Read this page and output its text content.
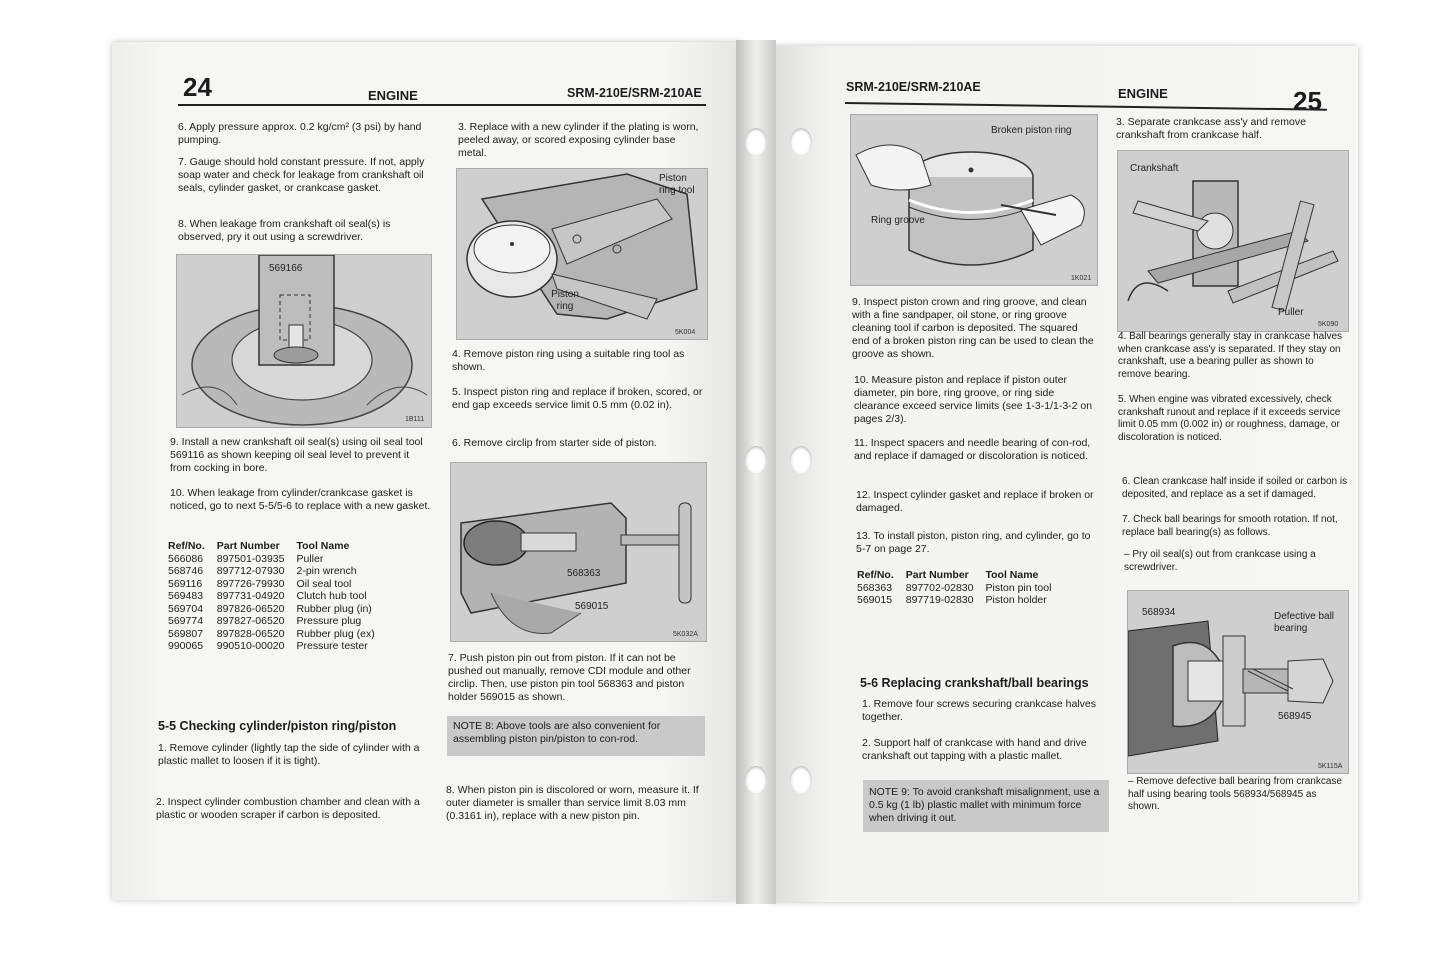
24	ENGINE	SRM-210E/SRM-210AE
6. Apply pressure approx. 0.2 kg/cm² (3 psi) by hand pumping.
7. Gauge should hold constant pressure. If not, apply soap water and check for leakage from crankshaft oil seals, cylinder gasket, or crankcase gasket.
8. When leakage from crankshaft oil seal(s) is observed, pry it out using a screwdriver.
569166
1B111
9. Install a new crankshaft oil seal(s) using oil seal tool 569116 as shown keeping oil seal level to prevent it from cocking in bore.
10. When leakage from cylinder/crankcase gasket is noticed, go to next 5-5/5-6 to replace with a new gasket.
Ref/No.	Part Number	Tool Name
566086	897501-03935	Puller
568746	897712-07930	2-pin wrench
569116	897726-79930	Oil seal tool
569483	897731-04920	Clutch hub tool
569704	897826-06520	Rubber plug (in)
569774	897827-06520	Pressure plug
569807	897828-06520	Rubber plug (ex)
990065	990510-00020	Pressure tester
5-5 Checking cylinder/piston ring/piston
1. Remove cylinder (lightly tap the side of cylinder with a plastic mallet to loosen if it is tight).
2. Inspect cylinder combustion chamber and clean with a plastic or wooden scraper if carbon is deposited.
3. Replace with a new cylinder if the plating is worn, peeled away, or scored exposing cylinder base metal.
Piston ring tool
Piston ring
5K004
4. Remove piston ring using a suitable ring tool as shown.
5. Inspect piston ring and replace if broken, scored, or end gap exceeds service limit 0.5 mm (0.02 in).
6. Remove circlip from starter side of piston.
568363
569015
5K032A
7. Push piston pin out from piston. If it can not be pushed out manually, remove CDI module and other circlip. Then, use piston pin tool 568363 and piston holder 569015 as shown.
NOTE 8: Above tools are also convenient for assembling piston pin/piston to con-rod.
8. When piston pin is discolored or worn, measure it. If outer diameter is smaller than service limit 8.03 mm (0.3161 in), replace with a new piston pin.
SRM-210E/SRM-210AE	ENGINE	25
Broken piston ring
Ring groove
1K021
9. Inspect piston crown and ring groove, and clean with a fine sandpaper, oil stone, or ring groove cleaning tool if carbon is deposited. The squared end of a broken piston ring can be used to clean the groove as shown.
10. Measure piston and replace if piston outer diameter, pin bore, ring groove, or ring side clearance exceed service limits (see 1-3-1/1-3-2 on pages 2/3).
11. Inspect spacers and needle bearing of con-rod, and replace if damaged or discoloration is noticed.
12. Inspect cylinder gasket and replace if broken or damaged.
13. To install piston, piston ring, and cylinder, go to 5-7 on page 27.
Ref/No.	Part Number	Tool Name
568363	897702-02830	Piston pin tool
569015	897719-02830	Piston holder
5-6 Replacing crankshaft/ball bearings
1. Remove four screws securing crankcase halves together.
2. Support half of crankcase with hand and drive crankshaft out tapping with a plastic mallet.
NOTE 9: To avoid crankshaft misalignment, use a 0.5 kg (1 lb) plastic mallet with minimum force when driving it out.
3. Separate crankcase ass'y and remove crankshaft from crankcase half.
Crankshaft
Puller
5K090
4. Ball bearings generally stay in crankcase halves when crankcase ass'y is separated. If they stay on crankshaft, use a bearing puller as shown to remove bearing.
5. When engine was vibrated excessively, check crankshaft runout and replace if it exceeds service limit 0.05 mm (0.002 in) or roughness, damage, or discoloration is noticed.
6. Clean crankcase half inside if soiled or carbon is deposited, and replace as a set if damaged.
7. Check ball bearings for smooth rotation. If not, replace ball bearing(s) as follows.
– Pry oil seal(s) out from crankcase using a screwdriver.
568934	Defective ball bearing
568945
5K115A
– Remove defective ball bearing from crankcase half using bearing tools 568934/568945 as shown.
